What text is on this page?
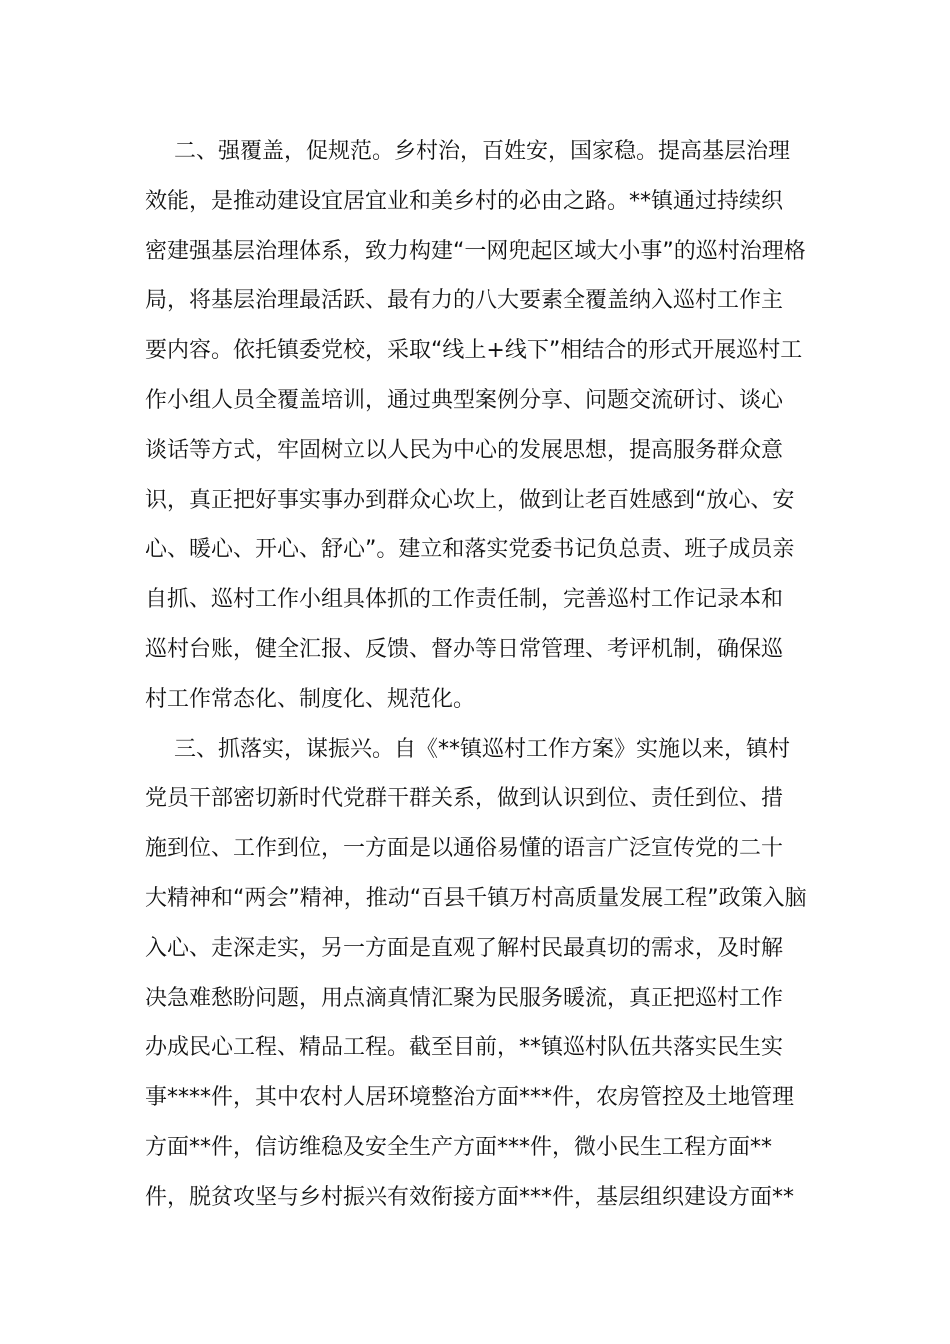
二、强覆盖，促规范。乡村治，百姓安，国家稳。提高基层治理
效能，是推动建设宜居宜业和美乡村的必由之路。**镇通过持续织
密建强基层治理体系，致力构建“一网兜起区域大小事”的巡村治理格
局，将基层治理最活跃、最有力的八大要素全覆盖纳入巡村工作主
要内容。依托镇委党校，采取“线上+线下”相结合的形式开展巡村工
作小组人员全覆盖培训，通过典型案例分享、问题交流研讨、谈心
谈话等方式，牢固树立以人民为中心的发展思想，提高服务群众意
识，真正把好事实事办到群众心坎上，做到让老百姓感到“放心、安
心、暖心、开心、舒心”。建立和落实党委书记负总责、班子成员亲
自抓、巡村工作小组具体抓的工作责任制，完善巡村工作记录本和
巡村台账，健全汇报、反馈、督办等日常管理、考评机制，确保巡
村工作常态化、制度化、规范化。
三、抓落实，谋振兴。自《**镇巡村工作方案》实施以来，镇村
党员干部密切新时代党群干群关系，做到认识到位、责任到位、措
施到位、工作到位，一方面是以通俗易懂的语言广泛宣传党的二十
大精神和“两会”精神，推动“百县千镇万村高质量发展工程”政策入脑
入心、走深走实，另一方面是直观了解村民最真切的需求，及时解
决急难愁盼问题，用点滴真情汇聚为民服务暖流，真正把巡村工作
办成民心工程、精品工程。截至目前，**镇巡村队伍共落实民生实
事****件，其中农村人居环境整治方面***件，农房管控及土地管理
方面**件，信访维稳及安全生产方面***件，微小民生工程方面**
件，脱贫攻坚与乡村振兴有效衔接方面***件，基层组织建设方面**
